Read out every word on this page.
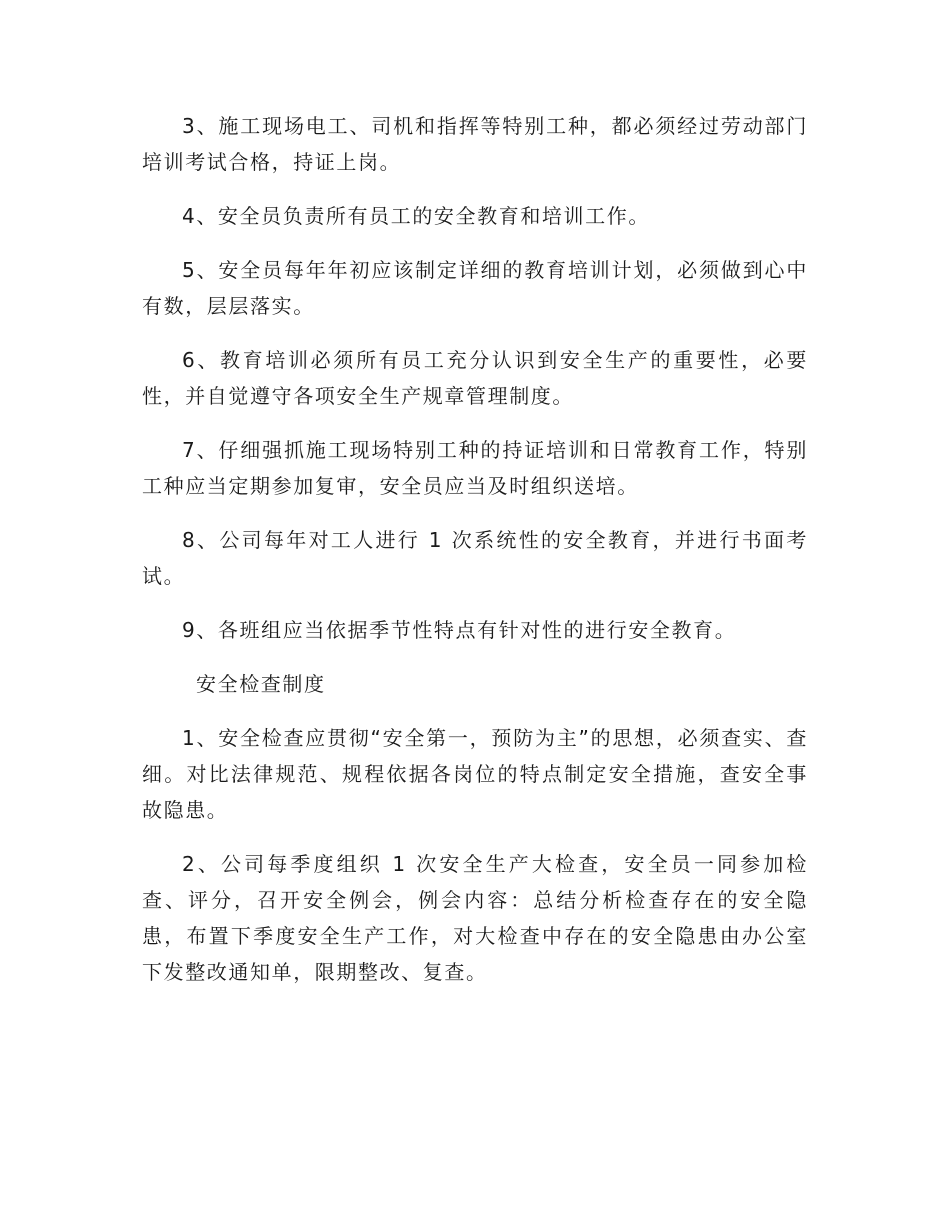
3、施工现场电工、司机和指挥等特别工种，都必须经过劳动部门培训考试合格，持证上岗。

4、安全员负责所有员工的安全教育和培训工作。

5、安全员每年年初应该制定详细的教育培训计划，必须做到心中有数，层层落实。

6、教育培训必须所有员工充分认识到安全生产的重要性，必要性，并自觉遵守各项安全生产规章管理制度。

7、仔细强抓施工现场特别工种的持证培训和日常教育工作，特别工种应当定期参加复审，安全员应当及时组织送培。

8、公司每年对工人进行 1 次系统性的安全教育，并进行书面考试。

9、各班组应当依据季节性特点有针对性的进行安全教育。

安全检查制度

1、安全检查应贯彻“安全第一，预防为主”的思想，必须查实、查细。对比法律规范、规程依据各岗位的特点制定安全措施，查安全事故隐患。

2、公司每季度组织 1 次安全生产大检查，安全员一同参加检查、评分，召开安全例会，例会内容：总结分析检查存在的安全隐患，布置下季度安全生产工作，对大检查中存在的安全隐患由办公室下发整改通知单，限期整改、复查。
